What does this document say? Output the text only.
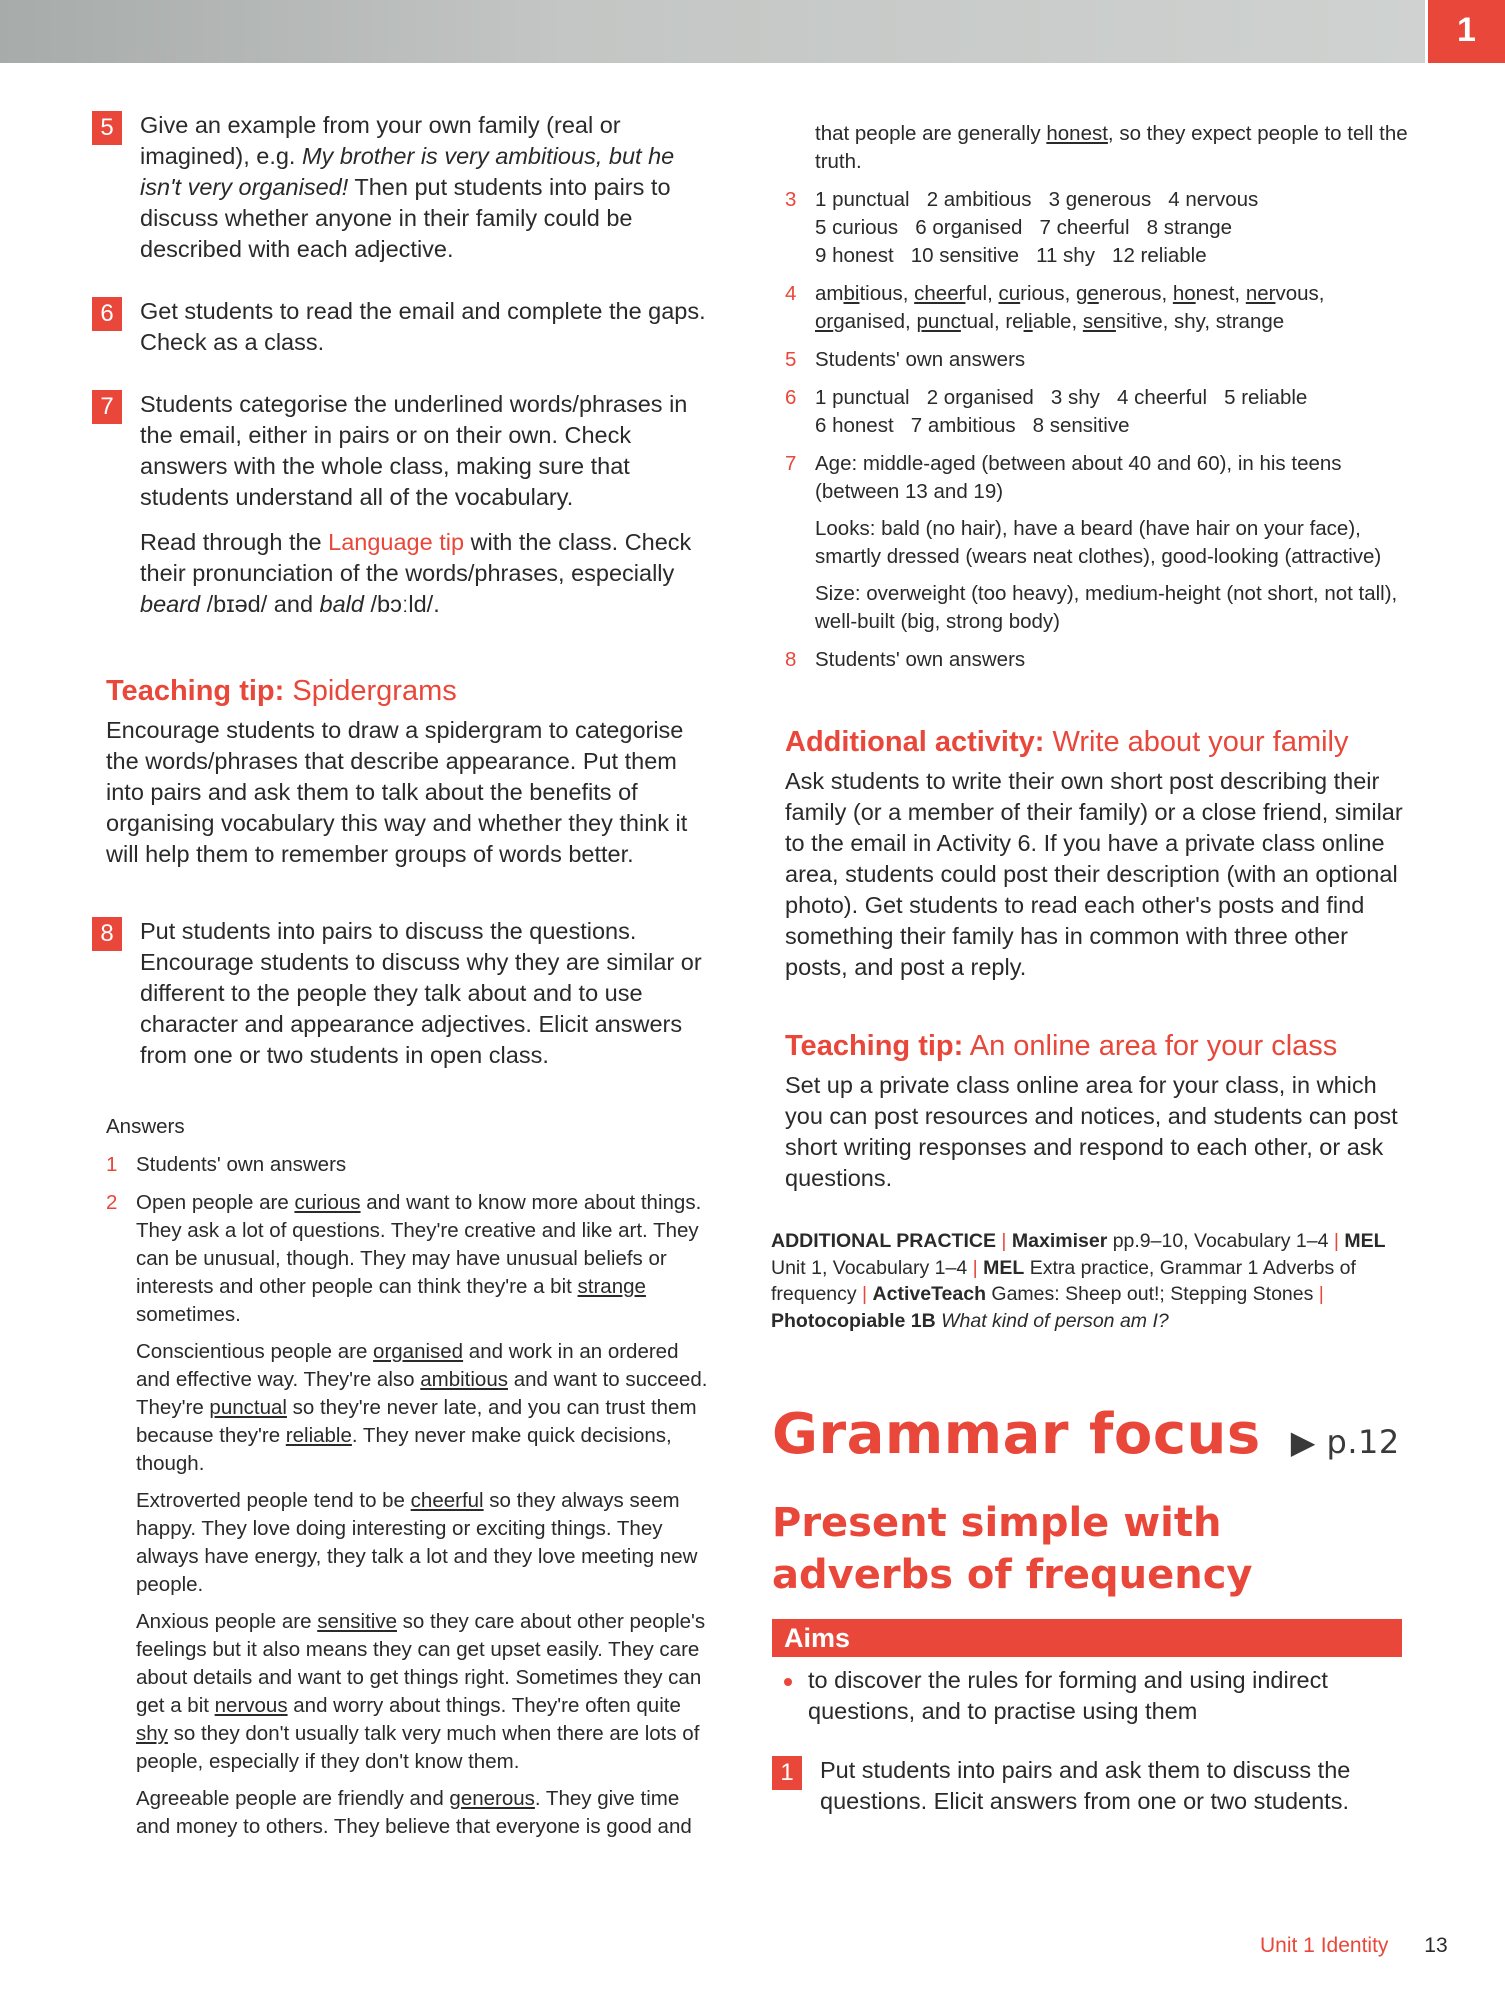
1
5	Give an example from your own family (real or imagined), e.g. My brother is very ambitious, but he isn't very organised! Then put students into pairs to discuss whether anyone in their family could be described with each adjective.
6	Get students to read the email and complete the gaps. Check as a class.
7	Students categorise the underlined words/phrases in the email, either in pairs or on their own. Check answers with the whole class, making sure that students understand all of the vocabulary.

Read through the Language tip with the class. Check their pronunciation of the words/phrases, especially beard /bɪəd/ and bald /bɔːld/.

Teaching tip: Spidergrams
Encourage students to draw a spidergram to categorise the words/phrases that describe appearance. Put them into pairs and ask them to talk about the benefits of organising vocabulary this way and whether they think it will help them to remember groups of words better.
8	Put students into pairs to discuss the questions. Encourage students to discuss why they are similar or different to the people they talk about and to use character and appearance adjectives. Elicit answers from one or two students in open class.
Answers
1 Students' own answers
2 Open people are curious and want to know more about things. They ask a lot of questions. They're creative and like art. They can be unusual, though. They may have unusual beliefs or interests and other people can think they're a bit strange sometimes.

Conscientious people are organised and work in an ordered and effective way. They're also ambitious and want to succeed. They're punctual so they're never late, and you can trust them because they're reliable. They never make quick decisions, though.

Extroverted people tend to be cheerful so they always seem happy. They love doing interesting or exciting things. They always have energy, they talk a lot and they love meeting new people.

Anxious people are sensitive so they care about other people's feelings but it also means they can get upset easily. They care about details and want to get things right. Sometimes they can get a bit nervous and worry about things. They're often quite shy so they don't usually talk very much when there are lots of people, especially if they don't know them.

Agreeable people are friendly and generous. They give time and money to others. They believe that everyone is good and

that people are generally honest, so they expect people to tell the truth.
3 1 punctual   2 ambitious   3 generous   4 nervous
5 curious   6 organised   7 cheerful   8 strange
9 honest   10 sensitive   11 shy   12 reliable
4 ambitious, cheerful, curious, generous, honest, nervous, organised, punctual, reliable, sensitive, shy, strange
5 Students' own answers
6 1 punctual   2 organised   3 shy   4 cheerful   5 reliable
6 honest   7 ambitious   8 sensitive
7 Age: middle-aged (between about 40 and 60), in his teens (between 13 and 19)

Looks: bald (no hair), have a beard (have hair on your face), smartly dressed (wears neat clothes), good-looking (attractive)

Size: overweight (too heavy), medium-height (not short, not tall), well-built (big, strong body)

8 Students' own answers
Additional activity: Write about your family
Ask students to write their own short post describing their family (or a member of their family) or a close friend, similar to the email in Activity 6. If you have a private class online area, students could post their description (with an optional photo). Get students to read each other's posts and find something their family has in common with three other posts, and post a reply.
Teaching tip: An online area for your class
Set up a private class online area for your class, in which you can post resources and notices, and students can post short writing responses and respond to each other, or ask questions.
ADDITIONAL PRACTICE | Maximiser pp.9–10, Vocabulary 1–4 | MEL Unit 1, Vocabulary 1–4 | MEL Extra practice, Grammar 1 Adverbs of frequency | ActiveTeach Games: Sheep out!; Stepping Stones | Photocopiable 1B What kind of person am I?
Grammar focus ▶ p.12
Present simple with adverbs of frequency
Aims
to discover the rules for forming and using indirect questions, and to practise using them
1	Put students into pairs and ask them to discuss the questions. Elicit answers from one or two students.
Unit 1 Identity 13
